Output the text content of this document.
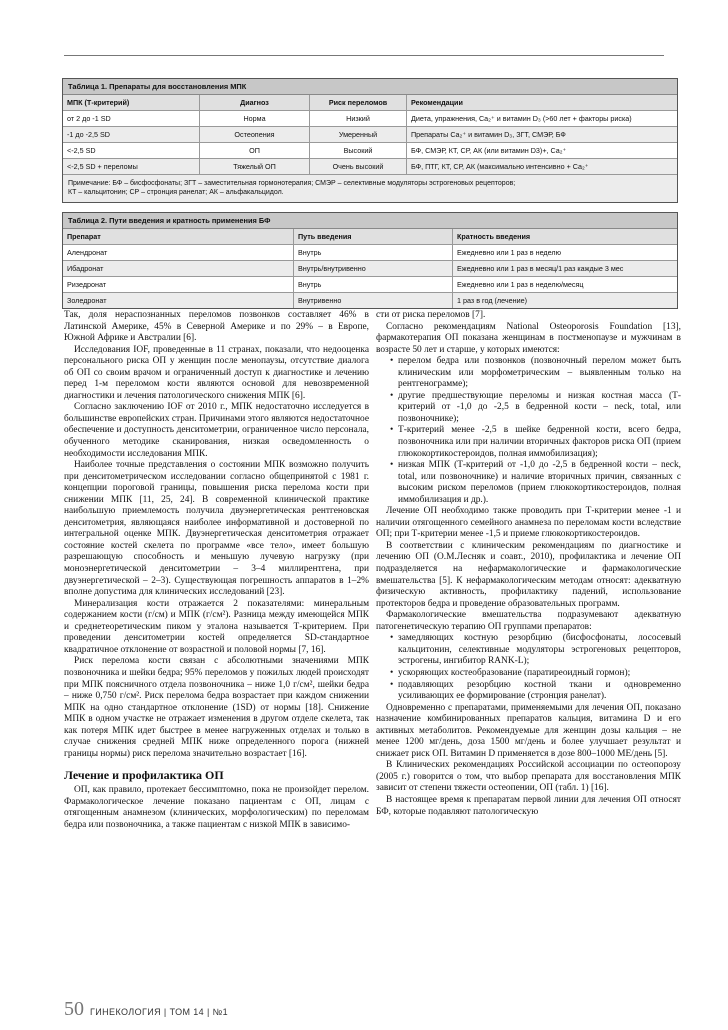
Таблица 1. Препараты для восстановления МПК
МПК (Т-критерий)	Диагноз	Риск переломов	Рекомендации
от 2 до -1 SD	Норма	Низкий	Диета, упражнения, Ca₂⁺ и витамин D₃ (>60 лет + факторы риска)
-1 до -2,5 SD	Остеопения	Умеренный	Препараты Ca₂⁺ и витамин D₃, ЗГТ, СМЭР, БФ
<-2,5 SD	ОП	Высокий	БФ, СМЭР, КТ, СР, АК (или витамин D3)+, Ca₂⁺
<-2,5 SD + переломы	Тяжелый ОП	Очень высокий	БФ, ПТГ, КТ, СР, АК (максимально интенсивно + Ca₂⁺
Примечание: БФ – бисфосфонаты; ЗГТ – заместительная гормонотерапия; СМЭР – селективные модуляторы эстрогеновых рецепторов;
КТ – кальцитонин; СР – стронция ранелат; АК – альфакальцидол.
Таблица 2. Пути введения и кратность применения БФ
Препарат	Путь введения	Кратность введения
Алендронат	Внутрь	Ежедневно или 1 раз в неделю
Ибадронат	Внутрь/внутривенно	Ежедневно или 1 раз в месяц/1 раз каждые 3 мес
Ризедронат	Внутрь	Ежедневно или 1 раз в неделю/месяц
Золедронат	Внутривенно	1 раз в год (лечение)

Так, доля нераспознанных переломов позвонков составляет 46% в Латинской Америке, 45% в Северной Америке и по 29% – в Европе, Южной Африке и Австралии [6].

Исследования IOF, проведенные в 11 странах, показали, что недооценка персонального риска ОП у женщин после менопаузы, отсутствие диалога об ОП со своим врачом и ограниченный доступ к диагностике и лечению перед 1-м переломом кости являются основой для невозвременной диагностики и лечения патологического снижения МПК [6].

Согласно заключению IOF от 2010 г., МПК недостаточно исследуется в большинстве европейских стран. Причинами этого являются недостаточное обеспечение и доступность денситометрии, ограниченное число персонала, обученного методике сканирования, низкая осведомленность о необходимости исследования МПК.

Наиболее точные представления о состоянии МПК возможно получить при денситометрическом исследовании согласно общепринятой с 1981 г. концепции пороговой границы, повышения риска перелома кости при снижении МПК [11, 25, 24]. В современной клинической практике наибольшую приемлемость получила двуэнергетическая рентгеновская денситометрия, являющаяся наиболее информативной и достоверной по интегральной оценке МПК. Двуэнергетическая денситометрия отражает состояние костей скелета по программе «все тело», имеет большую разрешающую способность и меньшую лучевую нагрузку (при моноэнергетической денситометрии – 3–4 миллирентгена, при двуэнергетической – 2–3). Существующая погрешность аппаратов в 1–2% вполне допустима для клинических исследований [23].

Минерализация кости отражается 2 показателями: минеральным содержанием кости (г/см) и МПК (г/см²). Разница между имеющейся МПК и среднетеоретическим пиком у эталона называется Т-критерием. При проведении денситометрии костей определяется SD-стандартное квадратичное отклонение от возрастной и половой нормы [7, 16].

Риск перелома кости связан с абсолютными значениями МПК позвоночника и шейки бедра; 95% переломов у пожилых людей происходят при МПК поясничного отдела позвоночника – ниже 1,0 г/см², шейки бедра – ниже 0,750 г/см². Риск перелома бедра возрастает при каждом снижении МПК на одно стандартное отклонение (1SD) от нормы [18]. Снижение МПК в одном участке не отражает изменения в другом отделе скелета, так как потеря МПК идет быстрее в менее нагруженных отделах и только в случае снижения средней МПК ниже определенного порога (нижней границы нормы) риск перелома значительно возрастает [16].

Лечение и профилактика ОП

ОП, как правило, протекает бессимптомно, пока не произойдет перелом. Фармакологическое лечение показано пациентам с ОП, лицам с отягощенным анамнезом (клинических, морфологическим) по переломам бедра или позвоночника, а также пациентам с низкой МПК в зависимо-

сти от риска переломов [7].

Согласно рекомендациям National Osteoporosis Foundation [13], фармакотерапия ОП показана женщинам в постменопаузе и мужчинам в возрасте 50 лет и старше, у которых имеются:

• перелом бедра или позвонков (позвоночный перелом может быть клиническим или морфометрическим – выявленным только на рентгенограмме);
• другие предшествующие переломы и низкая костная масса (Т-критерий от -1,0 до -2,5 в бедренной кости – neck, total, или позвоночнике);
• Т-критерий менее -2,5 в шейке бедренной кости, всего бедра, позвоночника или при наличии вторичных факторов риска ОП (прием глюкокортикостероидов, полная иммобилизация);
• низкая МПК (Т-критерий от -1,0 до -2,5 в бедренной кости – neck, total, или позвоночнике) и наличие вторичных причин, связанных с высоким риском переломов (прием глюкокортикостероидов, полная иммобилизация и др.).

Лечение ОП необходимо также проводить при Т-критерии менее -1 и наличии отягощенного семейного анамнеза по переломам кости вследствие ОП; при Т-критерии менее -1,5 и приеме глюкокортикостероидов.

В соответствии с клиническим рекомендациям по диагностике и лечению ОП (О.М.Лесняк и соавт., 2010), профилактика и лечение ОП подразделяется на нефармакологические и фармакологические вмешательства [5]. К нефармакологическим методам относят: адекватную физическую активность, профилактику падений, использование протекторов бедра и проведение образовательных программ.

Фармакологические вмешательства подразумевают адекватную патогенетическую терапию ОП группами препаратов:

• замедляющих костную резорбцию (бисфосфонаты, лососевый кальцитонин, селективные модуляторы эстрогеновых рецепторов, эстрогены, ингибитор RANK-L);
• ускоряющих костеобразование (паратиреоидный гормон);
• подавляющих резорбцию костной ткани и одновременно усиливающих ее формирование (стронция ранелат).

Одновременно с препаратами, применяемыми для лечения ОП, показано назначение комбинированных препаратов кальция, витамина D и его активных метаболитов. Рекомендуемые для женщин дозы кальция – не менее 1200 мг/день, доза 1500 мг/день и более улучшает результат и снижает риск ОП. Витамин D применяется в дозе 800–1000 МЕ/день [5].

В Клинических рекомендациях Российской ассоциации по остеопорозу (2005 г.) говорится о том, что выбор препарата для восстановления МПК зависит от степени тяжести остеопении, ОП (табл. 1) [16].

В настоящее время к препаратам первой линии для лечения ОП относят БФ, которые подавляют патологическую

50 ГИНЕКОЛОГИЯ | ТОМ 14 | №1
